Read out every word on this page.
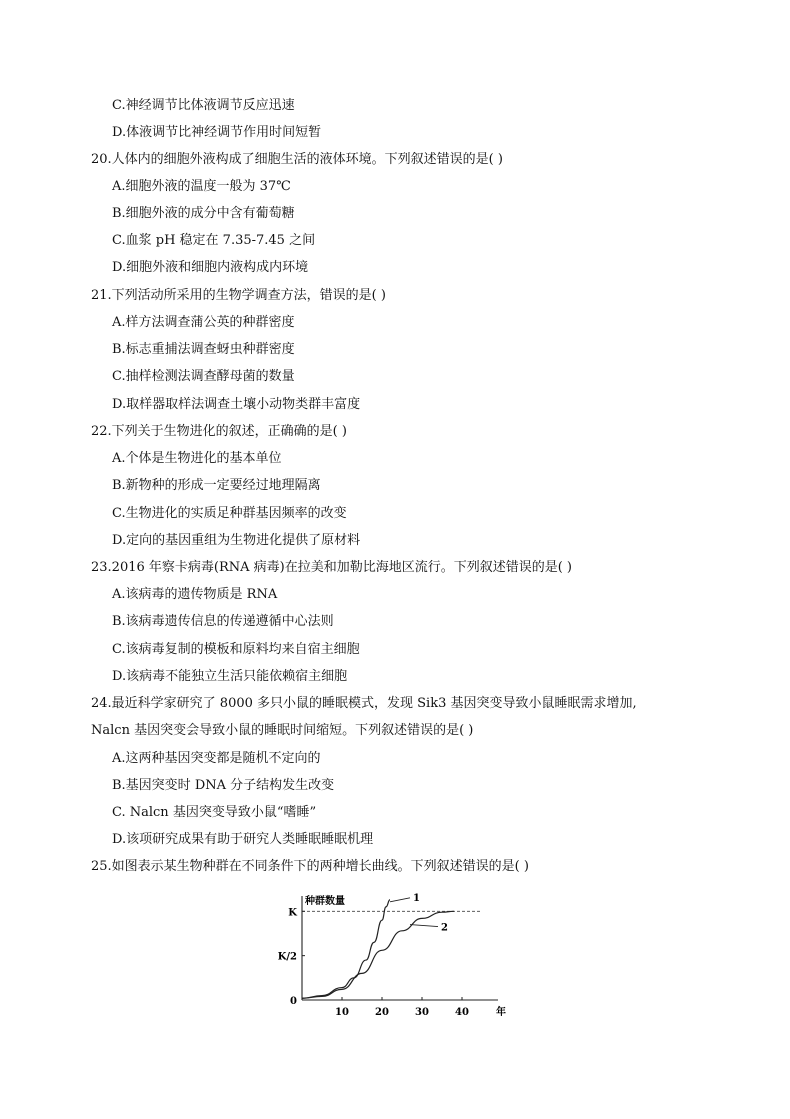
C.神经调节比体液调节反应迅速
D.体液调节比神经调节作用时间短暂
20.人体内的细胞外液构成了细胞生活的液体环境。下列叙述错误的是( )
A.细胞外液的温度一般为 37℃
B.细胞外液的成分中含有葡萄糖
C.血浆 pH 稳定在 7.35-7.45 之间
D.细胞外液和细胞内液构成内环境
21.下列活动所采用的生物学调查方法，错误的是( )
A.样方法调查蒲公英的种群密度
B.标志重捕法调查蚜虫种群密度
C.抽样检测法调查酵母菌的数量
D.取样器取样法调查土壤小动物类群丰富度
22.下列关于生物进化的叙述，正确确的是( )
A.个体是生物进化的基本单位
B.新物种的形成一定要经过地理隔离
C.生物进化的实质足种群基因频率的改变
D.定向的基因重组为生物进化提供了原材料
23.2016 年察卡病毒(RNA 病毒)在拉美和加勒比海地区流行。下列叙述错误的是( )
A.该病毒的遗传物质是 RNA
B.该病毒遗传信息的传递遵循中心法则
C.该病毒复制的模板和原料均来自宿主细胞
D.该病毒不能独立生活只能依赖宿主细胞
24.最近科学家研究了 8000 多只小鼠的睡眠模式，发现 Sik3 基因突变导致小鼠睡眠需求增加,
Nalcn 基因突变会导致小鼠的睡眠时间缩短。下列叙述错误的是( )
A.这两种基因突变都是随机不定向的
B.基因突变时 DNA 分子结构发生改变
C. Nalcn 基因突变导致小鼠“嗜睡”
D.该项研究成果有助于研究人类睡眠睡眠机理
25.如图表示某生物种群在不同条件下的两种增长曲线。下列叙述错误的是( )
0
K/2
K
10	20	30	40
种群数量
年
1
2
